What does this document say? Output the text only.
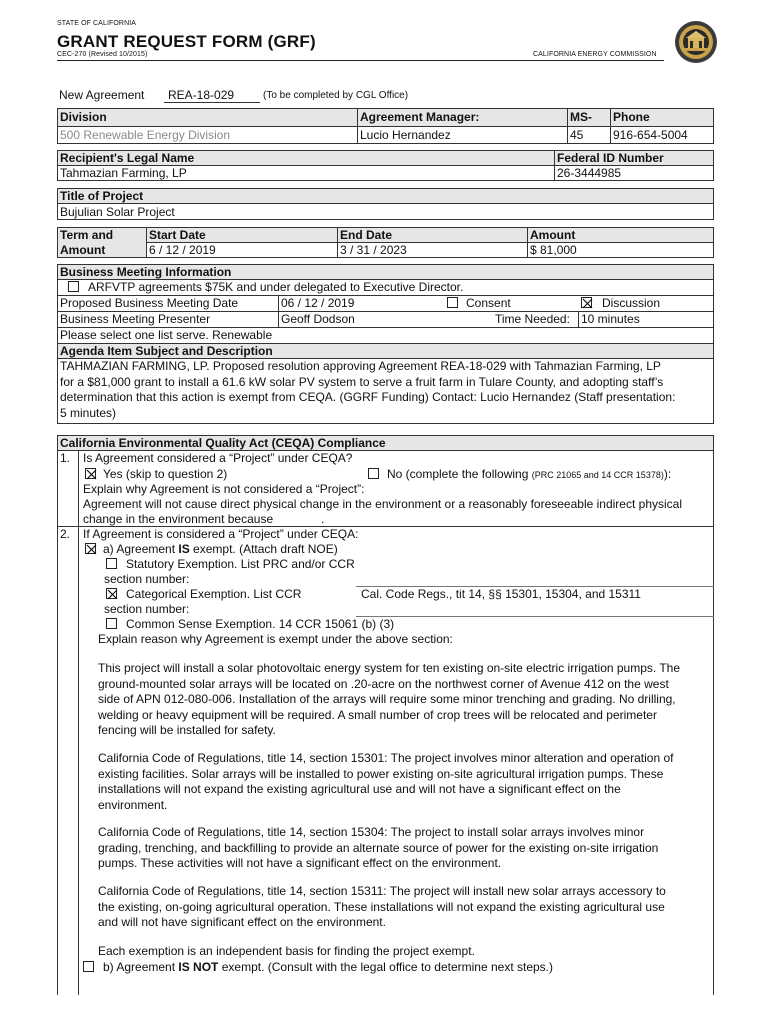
STATE OF CALIFORNIA
GRANT REQUEST FORM (GRF)
CEC-270 (Revised 10/2015)	CALIFORNIA ENERGY COMMISSION
New Agreement REA-18-029	(To be completed by CGL Office)
Division	Agreement Manager:	MS- Phone
500 Renewable Energy Division	Lucio Hernandez	45 916-654-5004
Recipient's Legal Name	Federal ID Number
Tahmazian Farming, LP	26-3444985
Title of Project
Bujulian Solar Project
Term and
Amount
Start Date	End Date	Amount
6 / 12 / 2019	3 / 31 / 2023	$ 81,000
Business Meeting Information
ARFVTP agreements $75K and under delegated to Executive Director.
Proposed Business Meeting Date	06 / 12 / 2019	Consent	Discussion
Business Meeting Presenter	Geoff Dodson	Time Needed: 10 minutes
Please select one list serve. Renewable
Agenda Item Subject and Description
TAHMAZIAN FARMING, LP. Proposed resolution approving Agreement REA-18-029 with Tahmazian Farming, LP
for a $81,000 grant to install a 61.6 kW solar PV system to serve a fruit farm in Tulare County, and adopting staff’s
determination that this action is exempt from CEQA. (GGRF Funding) Contact: Lucio Hernandez (Staff presentation:
5 minutes)
California Environmental Quality Act (CEQA) Compliance
1. Is Agreement considered a “Project” under CEQA?
Yes (skip to question 2)	No (complete the following (PRC 21065 and 14 CCR 15378)):
Explain why Agreement is not considered a “Project”:
Agreement will not cause direct physical change in the environment or a reasonably foreseeable indirect physical
change in the environment because	.
2. If Agreement is considered a “Project” under CEQA:
a) Agreement IS exempt. (Attach draft NOE)
Statutory Exemption. List PRC and/or CCR
section number:
Categorical Exemption. List CCR	Cal. Code Regs., tit 14, §§ 15301, 15304, and 15311
section number:
Common Sense Exemption. 14 CCR 15061 (b) (3)
Explain reason why Agreement is exempt under the above section:
This project will install a solar photovoltaic energy system for ten existing on-site electric irrigation pumps. The
ground-mounted solar arrays will be located on .20-acre on the northwest corner of Avenue 412 on the west
side of APN 012-080-006. Installation of the arrays will require some minor trenching and grading. No drilling,
welding or heavy equipment will be required. A small number of crop trees will be relocated and perimeter
fencing will be installed for safety.
California Code of Regulations, title 14, section 15301: The project involves minor alteration and operation of
existing facilities. Solar arrays will be installed to power existing on-site agricultural irrigation pumps. These
installations will not expand the existing agricultural use and will not have a significant effect on the
environment.
California Code of Regulations, title 14, section 15304: The project to install solar arrays involves minor
grading, trenching, and backfilling to provide an alternate source of power for the existing on-site irrigation
pumps. These activities will not have a significant effect on the environment.
California Code of Regulations, title 14, section 15311: The project will install new solar arrays accessory to
the existing, on-going agricultural operation. These installations will not expand the existing agricultural use
and will not have significant effect on the environment.
Each exemption is an independent basis for finding the project exempt.
b) Agreement IS NOT exempt. (Consult with the legal office to determine next steps.)
